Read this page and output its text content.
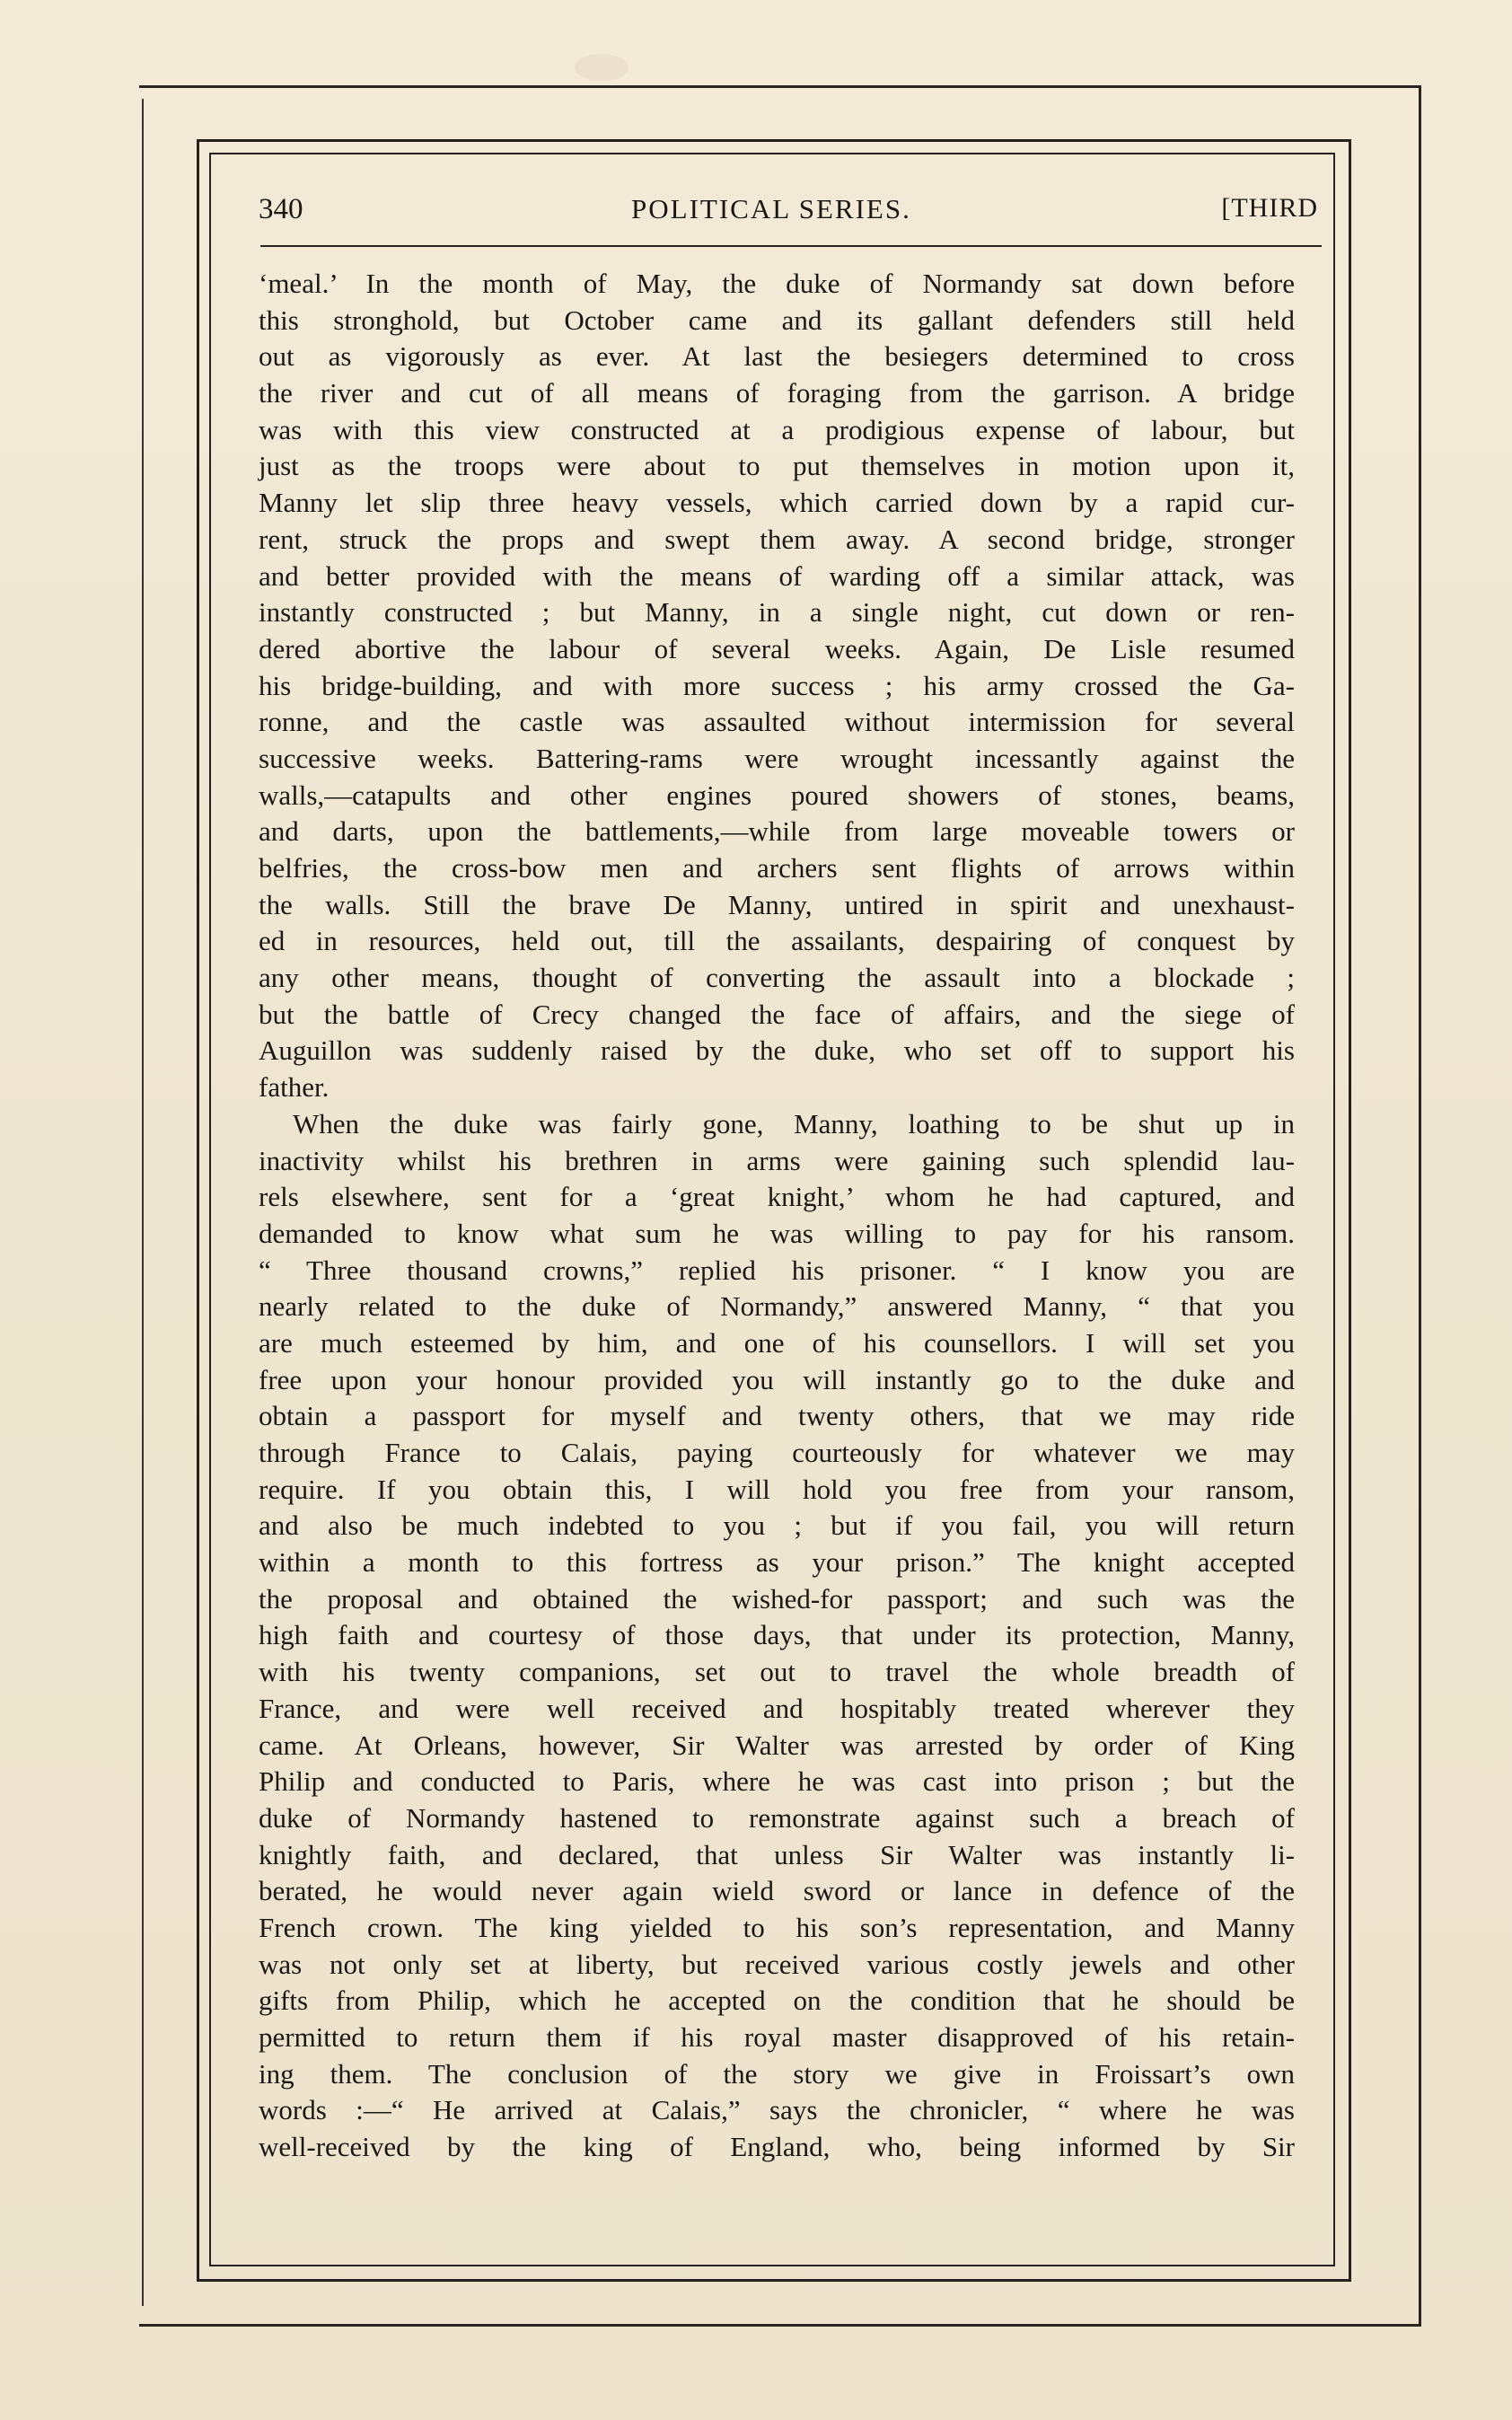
340	POLITICAL SERIES.	[THIRD
‘meal.’ In the month of May, the duke of Normandy sat down before
this stronghold, but October came and its gallant defenders still held
out as vigorously as ever. At last the besiegers determined to cross
the river and cut of all means of foraging from the garrison. A bridge
was with this view constructed at a prodigious expense of labour, but
just as the troops were about to put themselves in motion upon it,
Manny let slip three heavy vessels, which carried down by a rapid cur-
rent, struck the props and swept them away. A second bridge, stronger
and better provided with the means of warding off a similar attack, was
instantly constructed ; but Manny, in a single night, cut down or ren-
dered abortive the labour of several weeks. Again, De Lisle resumed
his bridge-building, and with more success ; his army crossed the Ga-
ronne, and the castle was assaulted without intermission for several
successive weeks. Battering-rams were wrought incessantly against the
walls,—catapults and other engines poured showers of stones, beams,
and darts, upon the battlements,—while from large moveable towers or
belfries, the cross-bow men and archers sent flights of arrows within
the walls. Still the brave De Manny, untired in spirit and unexhaust-
ed in resources, held out, till the assailants, despairing of conquest by
any other means, thought of converting the assault into a blockade ;
but the battle of Crecy changed the face of affairs, and the siege of
Auguillon was suddenly raised by the duke, who set off to support his
father.
When the duke was fairly gone, Manny, loathing to be shut up in
inactivity whilst his brethren in arms were gaining such splendid lau-
rels elsewhere, sent for a ‘great knight,’ whom he had captured, and
demanded to know what sum he was willing to pay for his ransom.
“ Three thousand crowns,” replied his prisoner. “ I know you are
nearly related to the duke of Normandy,” answered Manny, “ that you
are much esteemed by him, and one of his counsellors. I will set you
free upon your honour provided you will instantly go to the duke and
obtain a passport for myself and twenty others, that we may ride
through France to Calais, paying courteously for whatever we may
require. If you obtain this, I will hold you free from your ransom,
and also be much indebted to you ; but if you fail, you will return
within a month to this fortress as your prison.” The knight accepted
the proposal and obtained the wished-for passport; and such was the
high faith and courtesy of those days, that under its protection, Manny,
with his twenty companions, set out to travel the whole breadth of
France, and were well received and hospitably treated wherever they
came. At Orleans, however, Sir Walter was arrested by order of King
Philip and conducted to Paris, where he was cast into prison ; but the
duke of Normandy hastened to remonstrate against such a breach of
knightly faith, and declared, that unless Sir Walter was instantly li-
berated, he would never again wield sword or lance in defence of the
French crown. The king yielded to his son’s representation, and Manny
was not only set at liberty, but received various costly jewels and other
gifts from Philip, which he accepted on the condition that he should be
permitted to return them if his royal master disapproved of his retain-
ing them. The conclusion of the story we give in Froissart’s own
words :—“ He arrived at Calais,” says the chronicler, “ where he was
well-received by the king of England, who, being informed by Sir
